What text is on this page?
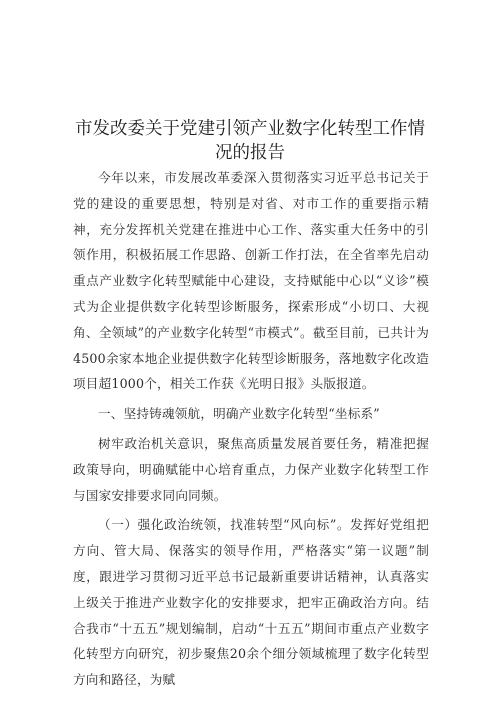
市发改委关于党建引领产业数字化转型工作情
况的报告

今年以来，市发展改革委深入贯彻落实习近平总书记关于党的建设的重要思想，特别是对省、对市工作的重要指示精神，充分发挥机关党建在推进中心工作、落实重大任务中的引领作用，积极拓展工作思路、创新工作打法，在全省率先启动重点产业数字化转型赋能中心建设，支持赋能中心以“义诊”模式为企业提供数字化转型诊断服务，探索形成“小切口、大视角、全领域”的产业数字化转型“市模式”。截至目前，已共计为4500余家本地企业提供数字化转型诊断服务，落地数字化改造项目超1000个，相关工作获《光明日报》头版报道。

一、坚持铸魂领航，明确产业数字化转型“坐标系”

树牢政治机关意识，聚焦高质量发展首要任务，精准把握政策导向，明确赋能中心培育重点，力保产业数字化转型工作与国家安排要求同向同频。

（一）强化政治统领，找准转型“风向标”。发挥好党组把方向、管大局、保落实的领导作用，严格落实“第一议题”制度，跟进学习贯彻习近平总书记最新重要讲话精神，认真落实上级关于推进产业数字化的安排要求，把牢正确政治方向。结合我市“十五五”规划编制，启动“十五五”期间市重点产业数字化转型方向研究，初步聚焦20余个细分领域梳理了数字化转型方向和路径，为赋
